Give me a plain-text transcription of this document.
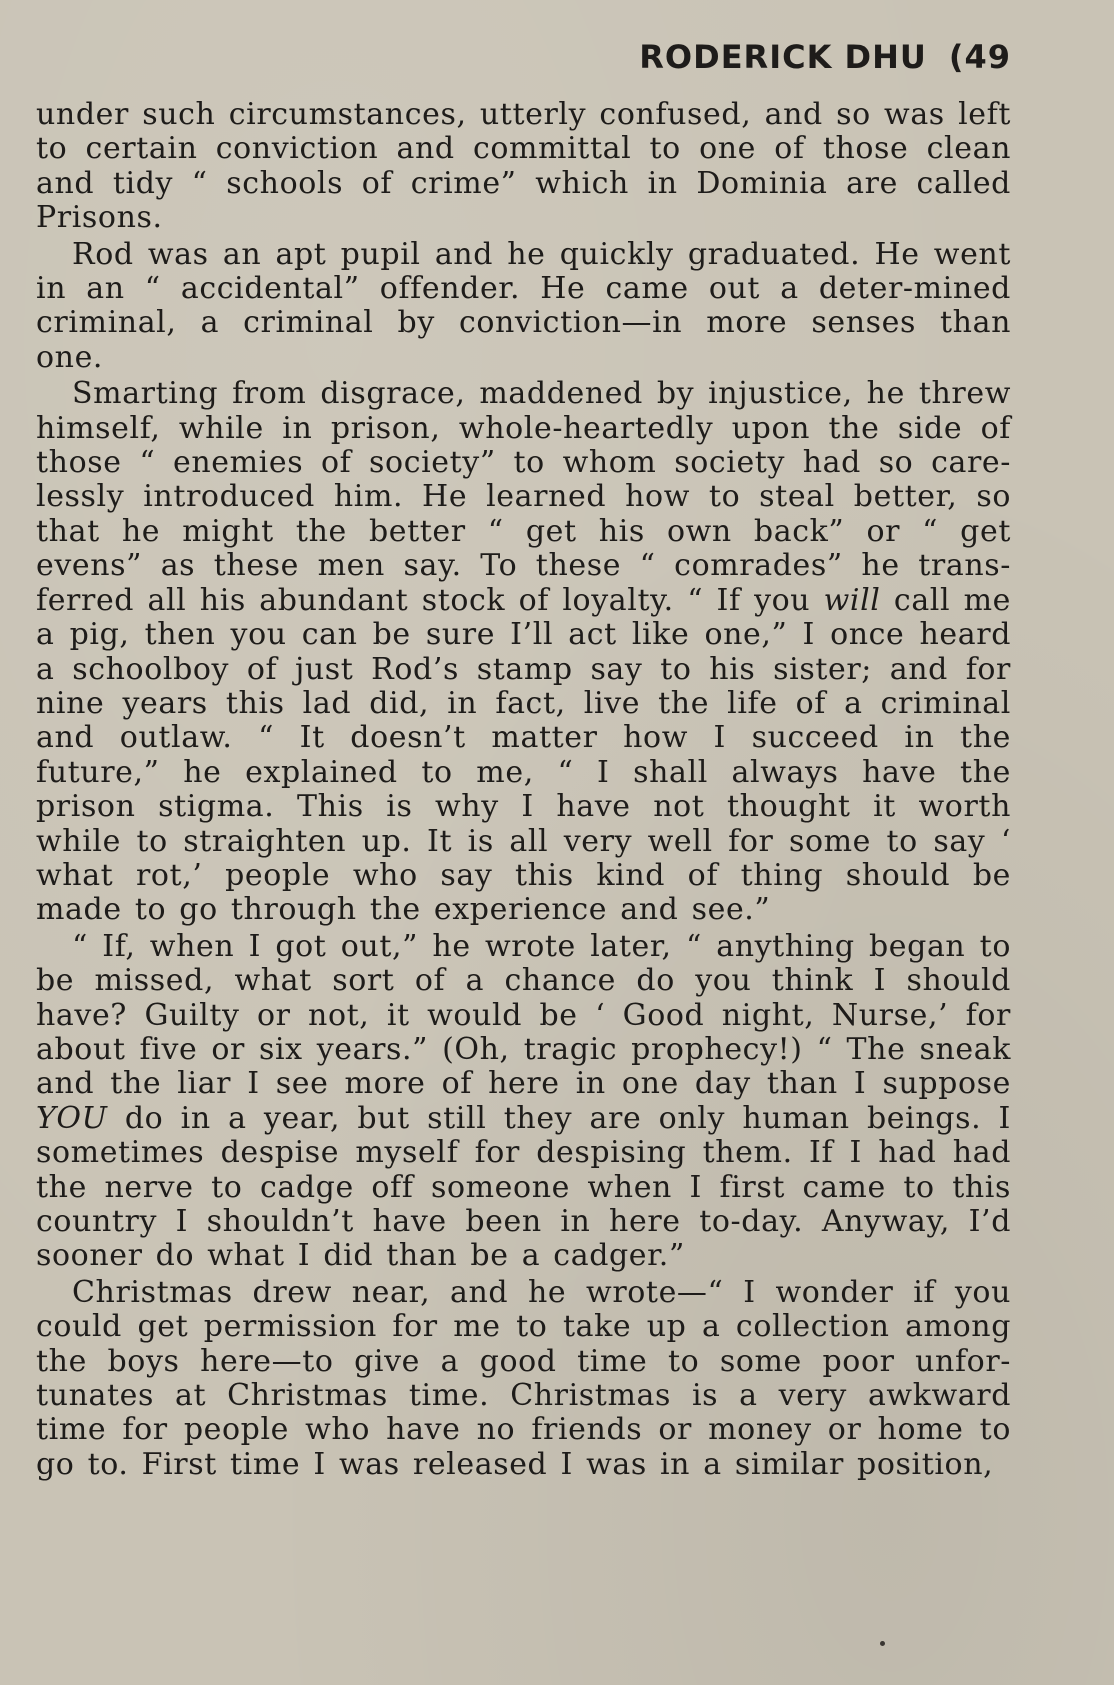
RODERICK DHU (49

under such circumstances, utterly confused, and so was left to certain conviction and committal to one of those clean and tidy “ schools of crime” which in Dominia are called Prisons.

Rod was an apt pupil and he quickly graduated. He went in an “ accidental” offender. He came out a deter-mined criminal, a criminal by conviction—in more senses than one.

Smarting from disgrace, maddened by injustice, he threw himself, while in prison, whole-heartedly upon the side of those “ enemies of society” to whom society had so care-lessly introduced him. He learned how to steal better, so that he might the better “ get his own back” or “ get evens” as these men say. To these “ comrades” he trans-ferred all his abundant stock of loyalty. “ If you will call me a pig, then you can be sure I’ll act like one,” I once heard a schoolboy of just Rod’s stamp say to his sister; and for nine years this lad did, in fact, live the life of a criminal and outlaw. “ It doesn’t matter how I succeed in the future,” he explained to me, “ I shall always have the prison stigma. This is why I have not thought it worth while to straighten up. It is all very well for some to say ‘ what rot,’ people who say this kind of thing should be made to go through the experience and see.”

“ If, when I got out,” he wrote later, “ anything began to be missed, what sort of a chance do you think I should have? Guilty or not, it would be ‘ Good night, Nurse,’ for about five or six years.” (Oh, tragic prophecy!) “ The sneak and the liar I see more of here in one day than I suppose YOU do in a year, but still they are only human beings. I sometimes despise myself for despising them. If I had had the nerve to cadge off someone when I first came to this country I shouldn’t have been in here to-day. Anyway, I’d sooner do what I did than be a cadger.”

Christmas drew near, and he wrote—“ I wonder if you could get permission for me to take up a collection among the boys here—to give a good time to some poor unfor-tunates at Christmas time. Christmas is a very awkward time for people who have no friends or money or home to go to. First time I was released I was in a similar position,
